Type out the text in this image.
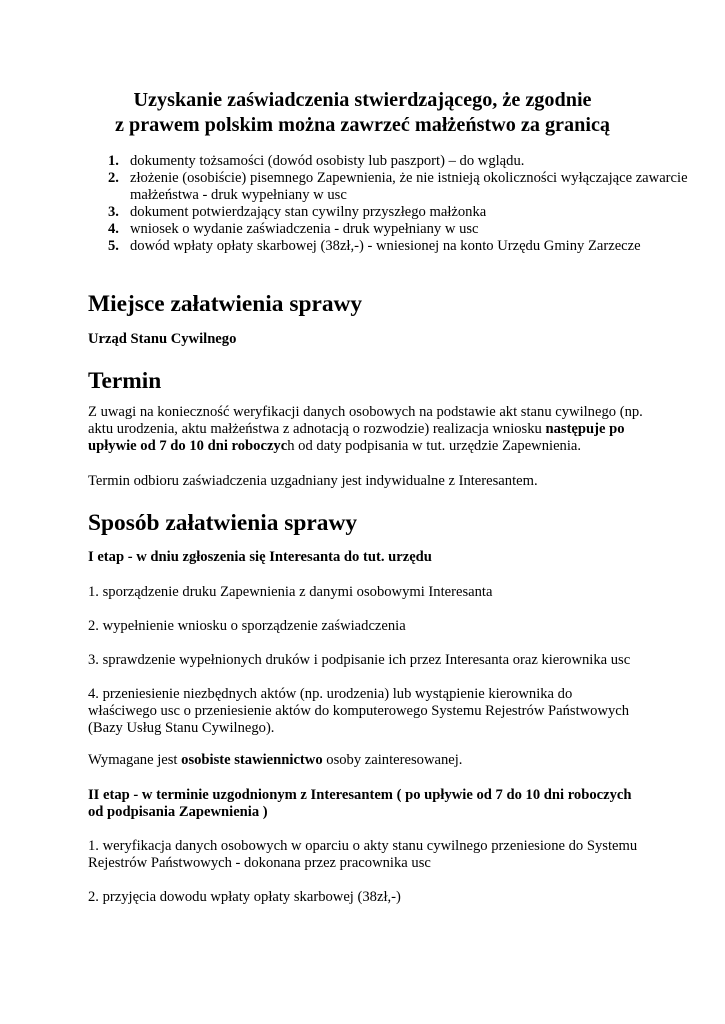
Uzyskanie zaświadczenia stwierdzającego, że zgodnie
z prawem polskim można zawrzeć małżeństwo za granicą
1. dokumenty tożsamości (dowód osobisty lub paszport) – do wglądu.
2. złożenie (osobiście) pisemnego Zapewnienia, że nie istnieją okoliczności wyłączające zawarcie małżeństwa - druk wypełniany w usc
3. dokument potwierdzający stan cywilny przyszłego małżonka
4. wniosek o wydanie zaświadczenia - druk wypełniany w usc
5. dowód wpłaty opłaty skarbowej (38zł,-) - wniesionej na konto Urzędu Gminy Zarzecze
Miejsce załatwienia sprawy

Urząd Stanu Cywilnego

Termin

Z uwagi na konieczność weryfikacji danych osobowych na podstawie akt stanu cywilnego (np. aktu urodzenia, aktu małżeństwa z adnotacją o rozwodzie) realizacja wniosku następuje po upływie od 7 do 10 dni roboczych od daty podpisania w tut. urzędzie Zapewnienia.

Termin odbioru zaświadczenia uzgadniany jest indywidualne z Interesantem.

Sposób załatwienia sprawy

I etap - w dniu zgłoszenia się Interesanta do tut. urzędu

1. sporządzenie druku Zapewnienia z danymi osobowymi Interesanta

2. wypełnienie wniosku o sporządzenie zaświadczenia

3. sprawdzenie wypełnionych druków i podpisanie ich przez Interesanta oraz kierownika usc

4. przeniesienie niezbędnych aktów (np. urodzenia) lub wystąpienie kierownika do właściwego usc o przeniesienie aktów do komputerowego Systemu Rejestrów Państwowych (Bazy Usług Stanu Cywilnego).

Wymagane jest osobiste stawiennictwo osoby zainteresowanej.

II etap - w terminie uzgodnionym z Interesantem ( po upływie od 7 do 10 dni roboczych od podpisania Zapewnienia )

1. weryfikacja danych osobowych w oparciu o akty stanu cywilnego przeniesione do Systemu Rejestrów Państwowych - dokonana przez pracownika usc

2. przyjęcia dowodu wpłaty opłaty skarbowej (38zł,-)
